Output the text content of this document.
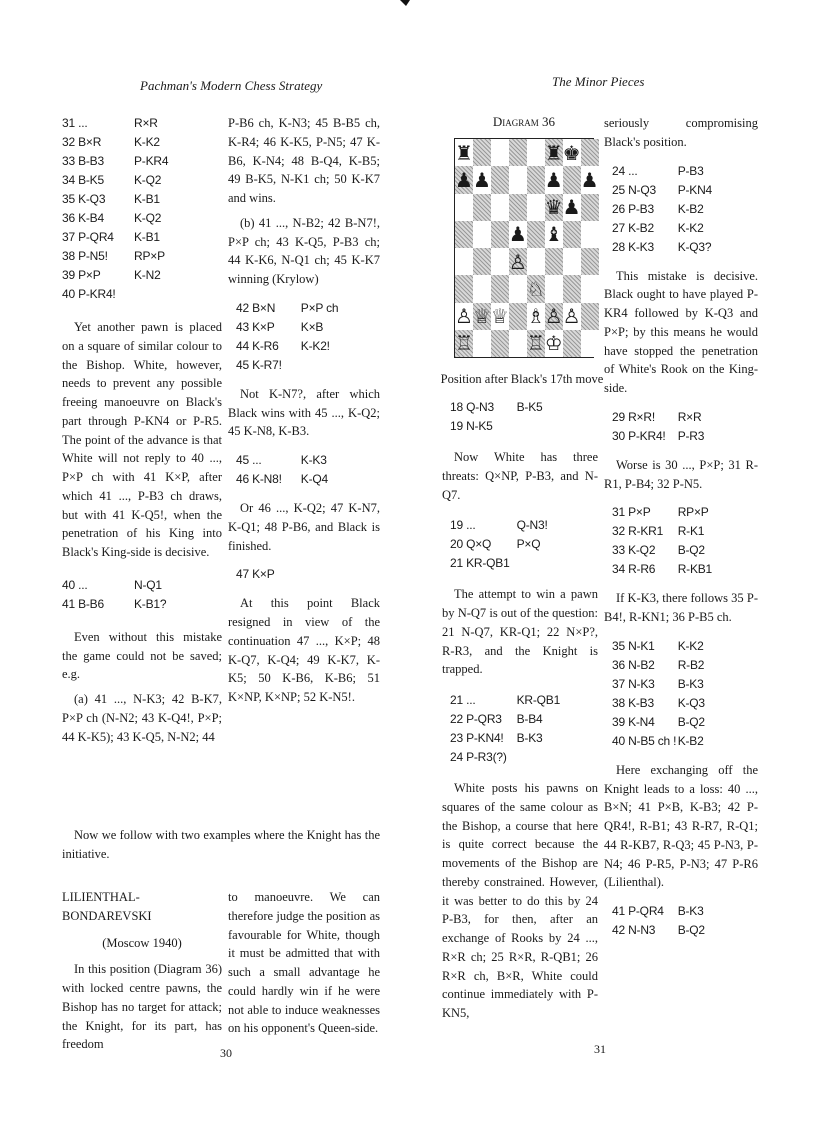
Pachman's Modern Chess Strategy
31 ...	R×R
32 B×R	K-K2
33 B-B3	P-KR4
34 B-K5	K-Q2
35 K-Q3	K-B1
36 K-B4	K-Q2
37 P-QR4	K-B1
38 P-N5!	RP×P
39 P×P	K-N2
40 P-KR4!
Yet another pawn is placed on a square of similar colour to the Bishop. White, however, needs to prevent any possible freeing manoeuvre on Black's part through P-KN4 or P-R5. The point of the advance is that White will not reply to 40 ..., P×P ch with 41 K×P, after which 41 ..., P-B3 ch draws, but with 41 K-Q5!, when the penetration of his King into Black's King-side is decisive.
40 ...	N-Q1
41 B-B6	K-B1?
Even without this mistake the game could not be saved; e.g.
(a) 41 ..., N-K3; 42 B-K7, P×P ch (N-N2; 43 K-Q4!, P×P; 44 K-K5); 43 K-Q5, N-N2; 44
P-B6 ch, K-N3; 45 B-B5 ch, K-R4; 46 K-K5, P-N5; 47 K-B6, K-N4; 48 B-Q4, K-B5; 49 B-K5, N-K1 ch; 50 K-K7 and wins.
(b) 41 ..., N-B2; 42 B-N7!, P×P ch; 43 K-Q5, P-B3 ch; 44 K-K6, N-Q1 ch; 45 K-K7 winning (Krylow)
42 B×N	P×P ch
43 K×P	K×B
44 K-R6	K-K2!
45 K-R7!
Not K-N7?, after which Black wins with 45 ..., K-Q2; 45 K-N8, K-B3.
45 ...	K-K3
46 K-N8!	K-Q4
Or 46 ..., K-Q2; 47 K-N7, K-Q1; 48 P-B6, and Black is finished.
47 K×P
At this point Black resigned in view of the continuation 47 ..., K×P; 48 K-Q7, K-Q4; 49 K-K7, K-K5; 50 K-B6, K-B6; 51 K×NP, K×NP; 52 K-N5!.
Now we follow with two examples where the Knight has the initiative.
LILIENTHAL-BONDAREVSKI
(Moscow 1940)
In this position (Diagram 36) with locked centre pawns, the Bishop has no target for attack; the Knight, for its part, has freedom
to manoeuvre. We can therefore judge the position as favourable for White, though it must be admitted that with such a small advantage he could hardly win if he were not able to induce weaknesses on his opponent's Queen-side.
30
The Minor Pieces
Diagram 36
♜	♜ ♚
♟ ♟	♟ ♟
♛ ♟
♟ ♝
♙
♘
♙ ♕ ♕ ♗ ♙ ♙
♖	♖ ♔
Position after Black's 17th move
18 Q-N3	B-K5
19 N-K5
Now White has three threats: Q×NP, P-B3, and N-Q7.
19 ...	Q-N3!
20 Q×Q	P×Q
21 KR-QB1
The attempt to win a pawn by N-Q7 is out of the question: 21 N-Q7, KR-Q1; 22 N×P?, R-R3, and the Knight is trapped.
21 ...	KR-QB1
22 P-QR3	B-B4
23 P-KN4!	B-K3
24 P-R3(?)
White posts his pawns on squares of the same colour as the Bishop, a course that here is quite correct because the movements of the Bishop are thereby constrained. However, it was better to do this by 24 P-B3, for then, after an exchange of Rooks by 24 ..., R×R ch; 25 R×R, R-QB1; 26 R×R ch, B×R, White could continue immediately with P-KN5,
seriously compromising Black's position.
24 ...	P-B3
25 N-Q3	P-KN4
26 P-B3	K-B2
27 K-B2	K-K2
28 K-K3	K-Q3?
This mistake is decisive. Black ought to have played P-KR4 followed by K-Q3 and P×P; by this means he would have stopped the penetration of White's Rook on the King-side.
29 R×R!	R×R
30 P-KR4!	P-R3
Worse is 30 ..., P×P; 31 R-R1, P-B4; 32 P-N5.
31 P×P	RP×P
32 R-KR1	R-K1
33 K-Q2	B-Q2
34 R-R6	R-KB1
If K-K3, there follows 35 P-B4!, R-KN1; 36 P-B5 ch.
35 N-K1	K-K2
36 N-B2	R-B2
37 N-K3	B-K3
38 K-B3	K-Q3
39 K-N4	B-Q2
40 N-B5 ch ! K-B2
Here exchanging off the Knight leads to a loss: 40 ..., B×N; 41 P×B, K-B3; 42 P-QR4!, R-B1; 43 R-R7, R-Q1; 44 R-KB7, R-Q3; 45 P-N3, P-N4; 46 P-R5, P-N3; 47 P-R6 (Lilienthal).
41 P-QR4	B-K3
42 N-N3	B-Q2
31
